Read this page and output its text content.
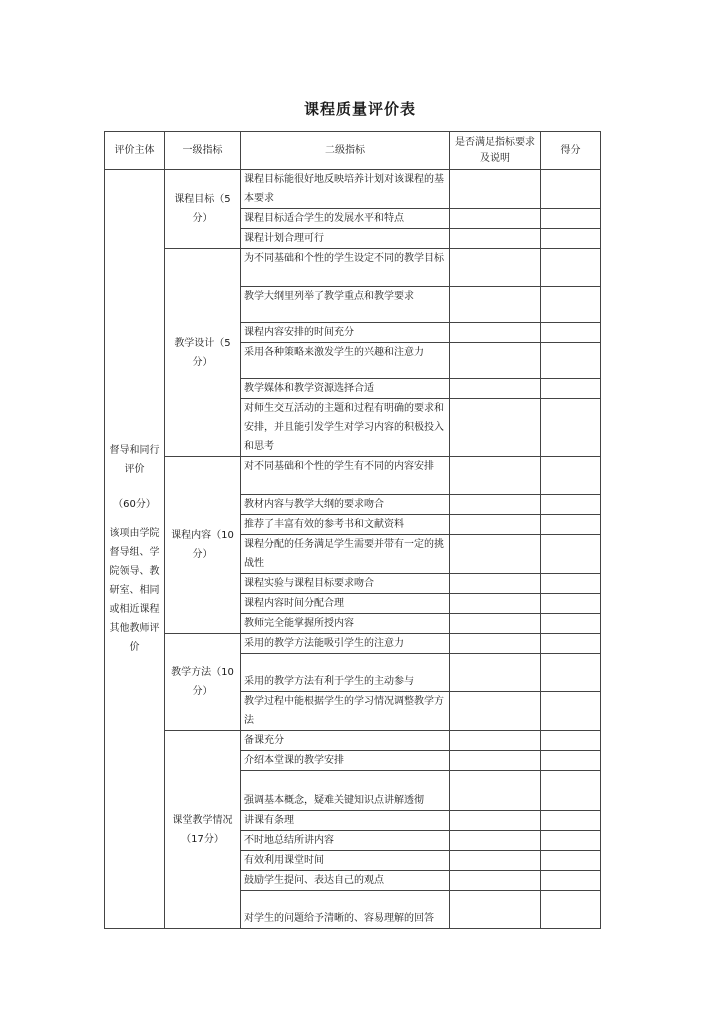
课程质量评价表
评价主体	一级指标	二级指标	是否满足指标要求及说明	得分

督导和同行评价
（60分）
该项由学院督导组、学院领导、教研室、相同或相近课程其他教师评价	课程目标（5分）	课程目标能很好地反映培养计划对该课程的基本要求		
		课程目标适合学生的发展水平和特点		
		课程计划合理可行		
	教学设计（5分）	为不同基础和个性的学生设定不同的教学目标		
		教学大纲里列举了教学重点和教学要求		
		课程内容安排的时间充分		
		采用各种策略来激发学生的兴趣和注意力		
		教学媒体和教学资源选择合适		
		对师生交互活动的主题和过程有明确的要求和安排，并且能引发学生对学习内容的积极投入和思考		
	课程内容（10分）	对不同基础和个性的学生有不同的内容安排		
		教材内容与教学大纲的要求吻合		
		推荐了丰富有效的参考书和文献资料		
		课程分配的任务满足学生需要并带有一定的挑战性		
		课程实验与课程目标要求吻合		
		课程内容时间分配合理		
		教师完全能掌握所授内容		
	教学方法（10分）	采用的教学方法能吸引学生的注意力		
		采用的教学方法有利于学生的主动参与		
		教学过程中能根据学生的学习情况调整教学方法		
	课堂教学情况（17分）	备课充分		
		介绍本堂课的教学安排		
		强调基本概念，疑难关键知识点讲解透彻		
		讲课有条理		
		不时地总结所讲内容		
		有效利用课堂时间		
		鼓励学生提问、表达自己的观点		
		对学生的问题给予清晰的、容易理解的回答		
